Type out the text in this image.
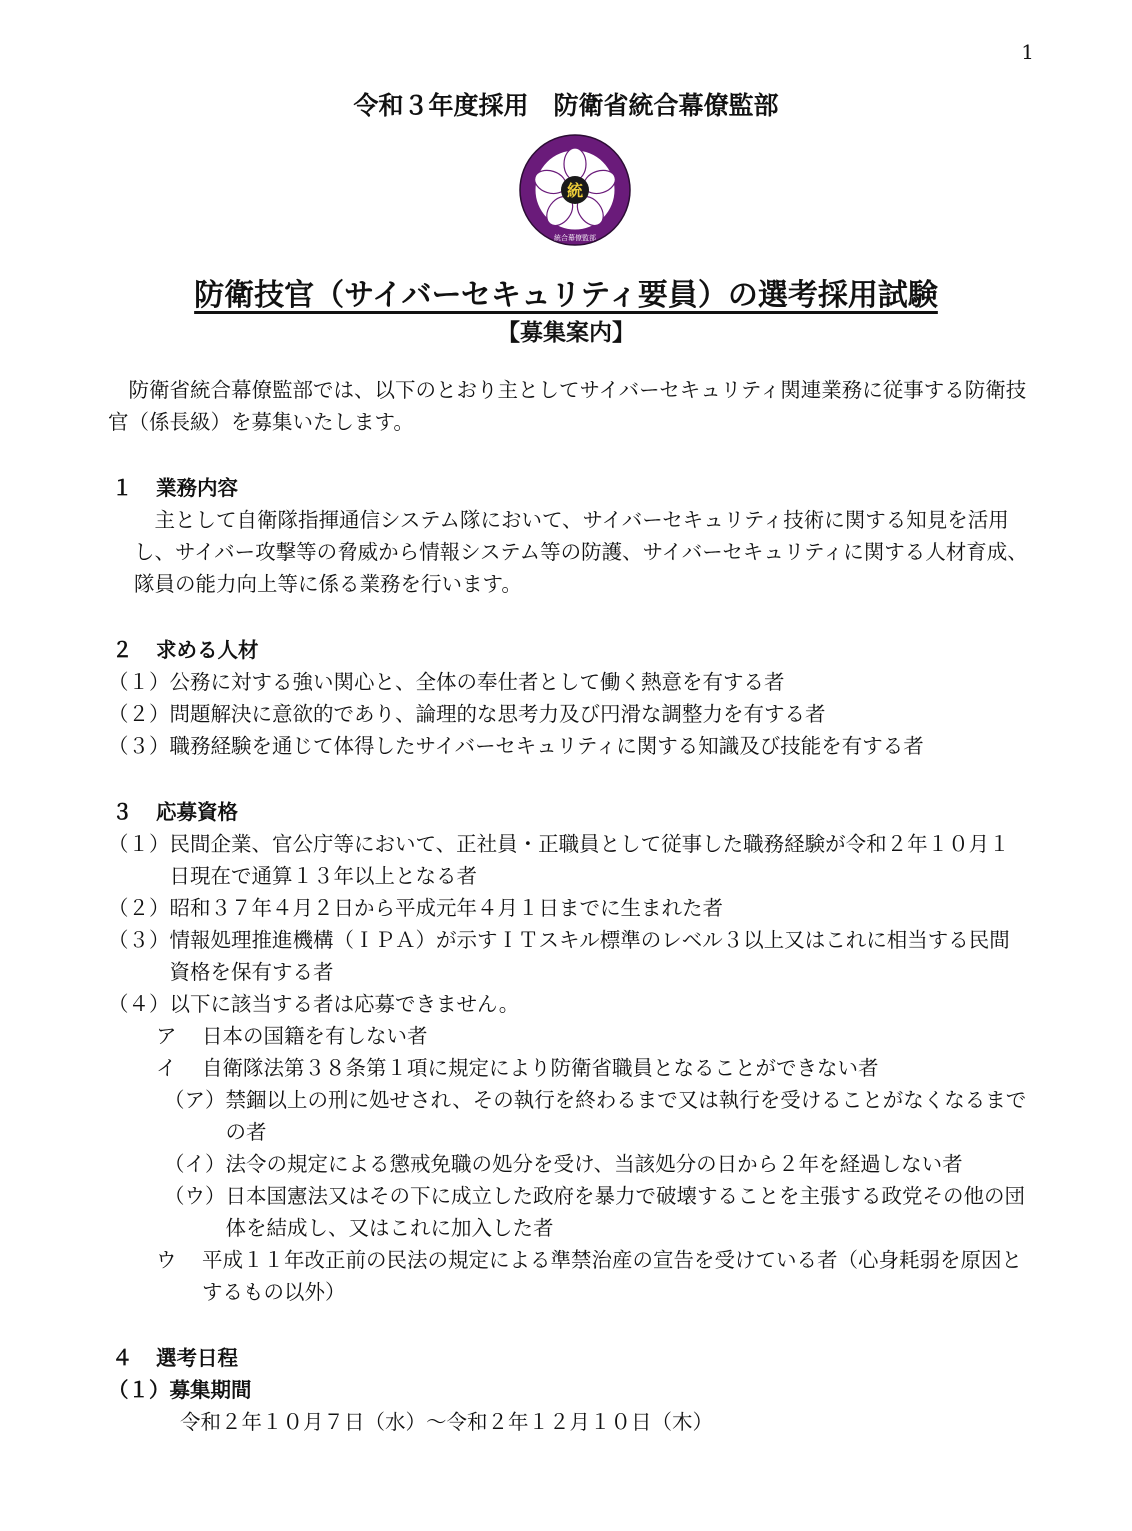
1
令和３年度採用　防衛省統合幕僚監部
統
統合幕僚監部
防衛技官（サイバーセキュリティ要員）の選考採用試験
【募集案内】

防衛省統合幕僚監部では、以下のとおり主としてサイバーセキュリティ関連業務に従事する防衛技官（係長級）を募集いたします。

１ 業務内容

主として自衛隊指揮通信システム隊において、サイバーセキュリティ技術に関する知見を活用し、サイバー攻撃等の脅威から情報システム等の防護、サイバーセキュリティに関する人材育成、隊員の能力向上等に係る業務を行います。

２ 求める人材

（１） 公務に対する強い関心と、全体の奉仕者として働く熱意を有する者
（２） 問題解決に意欲的であり、論理的な思考力及び円滑な調整力を有する者
（３） 職務経験を通じて体得したサイバーセキュリティに関する知識及び技能を有する者

３ 応募資格

（１） 民間企業、官公庁等において、正社員・正職員として従事した職務経験が令和２年１０月１日現在で通算１３年以上となる者
（２） 昭和３７年４月２日から平成元年４月１日までに生まれた者
（３） 情報処理推進機構（ＩＰＡ）が示すＩＴスキル標準のレベル３以上又はこれに相当する民間資格を保有する者
（４） 以下に該当する者は応募できません。
ア	日本の国籍を有しない者
イ	自衛隊法第３８条第１項に規定により防衛省職員となることができない者
（ア） 禁錮以上の刑に処せされ、その執行を終わるまで又は執行を受けることがなくなるまでの者
（イ） 法令の規定による懲戒免職の処分を受け、当該処分の日から２年を経過しない者
（ウ） 日本国憲法又はその下に成立した政府を暴力で破壊することを主張する政党その他の団体を結成し、又はこれに加入した者
ウ	平成１１年改正前の民法の規定による準禁治産の宣告を受けている者（心身耗弱を原因とするもの以外）

４ 選考日程

（１） 募集期間

令和２年１０月７日（水）～令和２年１２月１０日（木）
